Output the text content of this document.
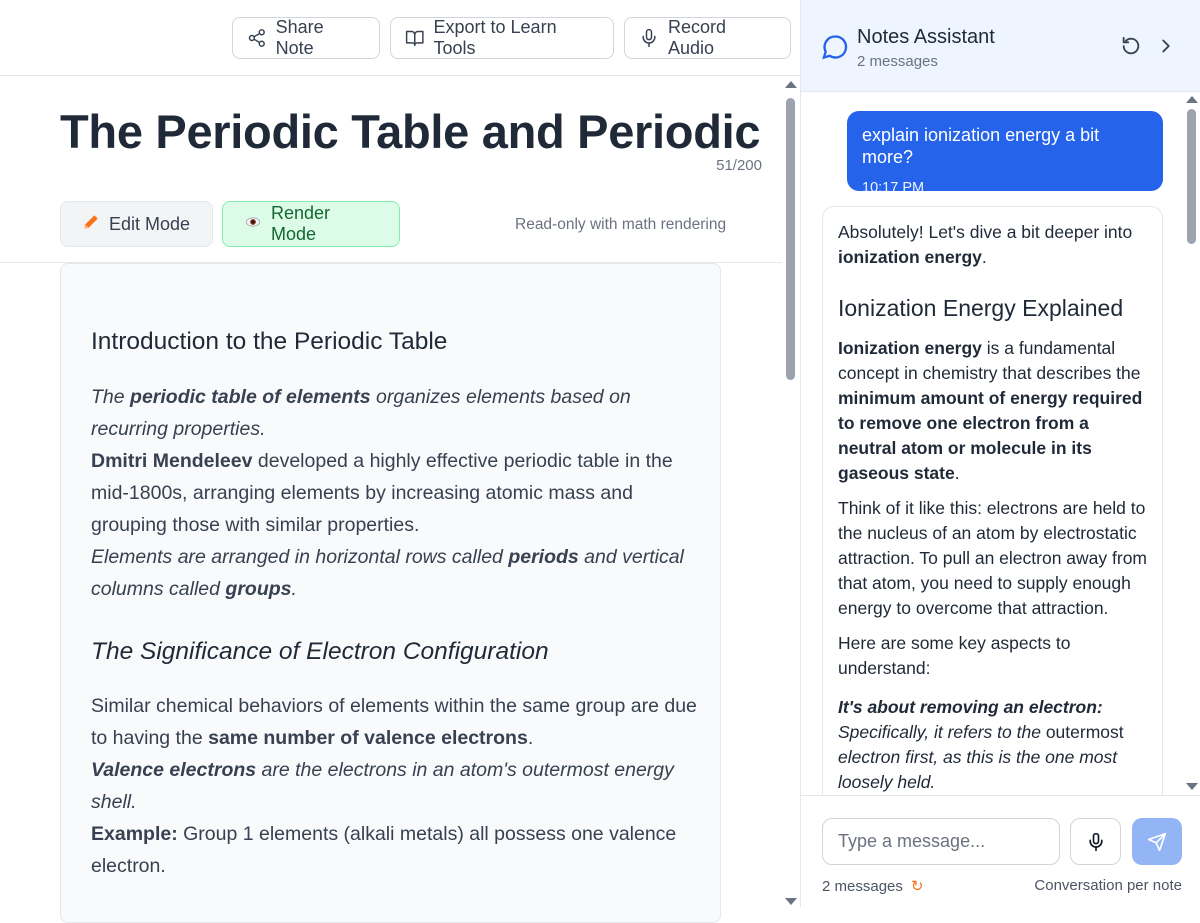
Share Note
Export to Learn Tools
Record Audio
The Periodic Table and Periodic
51/200
Edit Mode
Render Mode	Read-only with math rendering
Introduction to the Periodic Table

The periodic table of elements organizes elements based on recurring properties.
Dmitri Mendeleev developed a highly effective periodic table in the mid-1800s, arranging elements by increasing atomic mass and grouping those with similar properties.
Elements are arranged in horizontal rows called periods and vertical columns called groups.

The Significance of Electron Configuration

Similar chemical behaviors of elements within the same group are due to having the same number of valence electrons.
Valence electrons are the electrons in an atom's outermost energy shell.
Example: Group 1 elements (alkali metals) all possess one valence electron.

Notes Assistant
2 messages
explain ionization energy a bit more?
10:17 PM
Absolutely! Let's dive a bit deeper into ionization energy.
Ionization Energy Explained
Ionization energy is a fundamental concept in chemistry that describes the minimum amount of energy required to remove one electron from a neutral atom or molecule in its gaseous state.
Think of it like this: electrons are held to the nucleus of an atom by electrostatic attraction. To pull an electron away from that atom, you need to supply enough energy to overcome that attraction.
Here are some key aspects to understand:
It's about removing an electron: Specifically, it refers to the outermost electron first, as this is the one most loosely held.
Type a message...
2 messages ↻	Conversation per note
